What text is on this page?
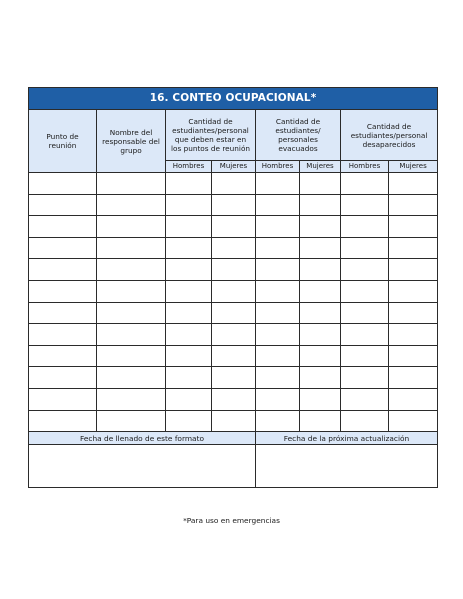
16. CONTEO OCUPACIONAL*							
Punto de reunión	Nombre del responsable del grupo	Cantidad de estudiantes/personal que deben estar en los puntos de reunión		Cantidad de estudiantes/ personales evacuados		Cantidad de estudiantes/personal desaparecidos	
		Hombres	Mujeres	Hombres	Mujeres	Hombres	Mujeres

Fecha de llenado de este formato	Fecha de la próxima actualización

*Para uso en emergencias
